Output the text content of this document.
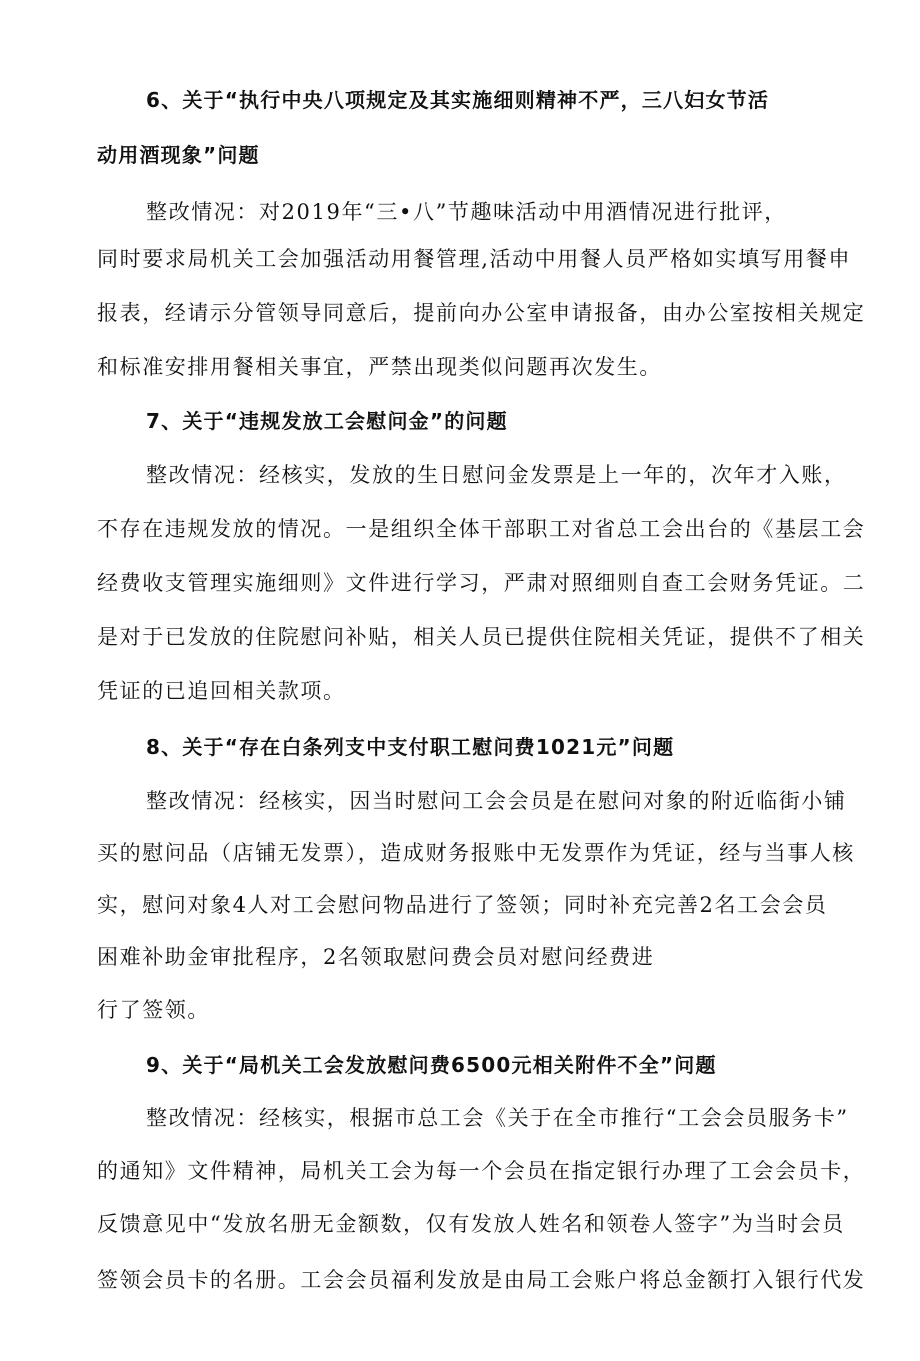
6、关于“执行中央八项规定及其实施细则精神不严，三八妇女节活
动用酒现象”问题
整改情况：对2019年“三•八”节趣味活动中用酒情况进行批评，
同时要求局机关工会加强活动用餐管理,活动中用餐人员严格如实填写用餐申
报表，经请示分管领导同意后，提前向办公室申请报备，由办公室按相关规定
和标准安排用餐相关事宜，严禁出现类似问题再次发生。
7、关于“违规发放工会慰问金”的问题
整改情况：经核实，发放的生日慰问金发票是上一年的，次年才入账，
不存在违规发放的情况。一是组织全体干部职工对省总工会出台的《基层工会
经费收支管理实施细则》文件进行学习，严肃对照细则自查工会财务凭证。二
是对于已发放的住院慰问补贴，相关人员已提供住院相关凭证，提供不了相关
凭证的已追回相关款项。
8、关于“存在白条列支中支付职工慰问费1021元”问题
整改情况：经核实，因当时慰问工会会员是在慰问对象的附近临街小铺
买的慰问品（店铺无发票），造成财务报账中无发票作为凭证，经与当事人核
实，慰问对象4人对工会慰问物品进行了签领；同时补充完善2名工会会员
困难补助金审批程序，2名领取慰问费会员对慰问经费进
行了签领。
9、关于“局机关工会发放慰问费6500元相关附件不全”问题
整改情况：经核实，根据市总工会《关于在全市推行“工会会员服务卡”
的通知》文件精神，局机关工会为每一个会员在指定银行办理了工会会员卡，
反馈意见中“发放名册无金额数，仅有发放人姓名和领卷人签字”为当时会员
签领会员卡的名册。工会会员福利发放是由局工会账户将总金额打入银行代发
